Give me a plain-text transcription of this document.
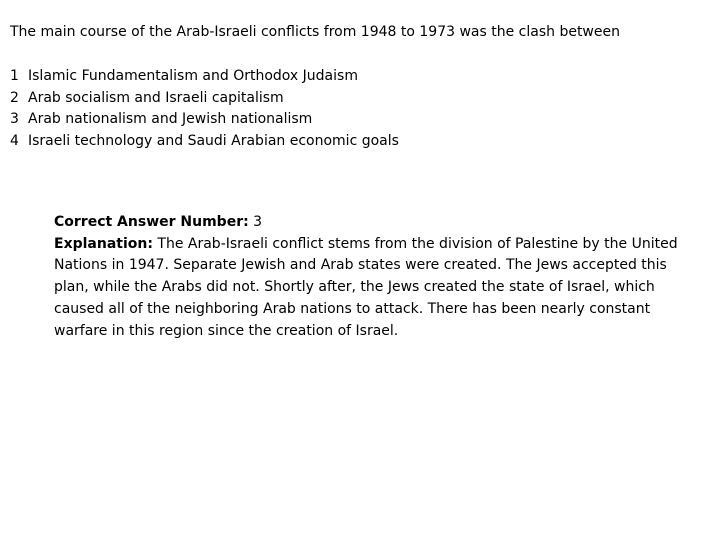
The main course of the Arab-Israeli conflicts from 1948 to 1973 was the clash between
1 Islamic Fundamentalism and Orthodox Judaism
2 Arab socialism and Israeli capitalism
3 Arab nationalism and Jewish nationalism
4 Israeli technology and Saudi Arabian economic goals
Correct Answer Number: 3
Explanation: The Arab-Israeli conflict stems from the division of Palestine by the United Nations in 1947. Separate Jewish and Arab states were created. The Jews accepted this plan, while the Arabs did not. Shortly after, the Jews created the state of Israel, which caused all of the neighboring Arab nations to attack. There has been nearly constant warfare in this region since the creation of Israel.
